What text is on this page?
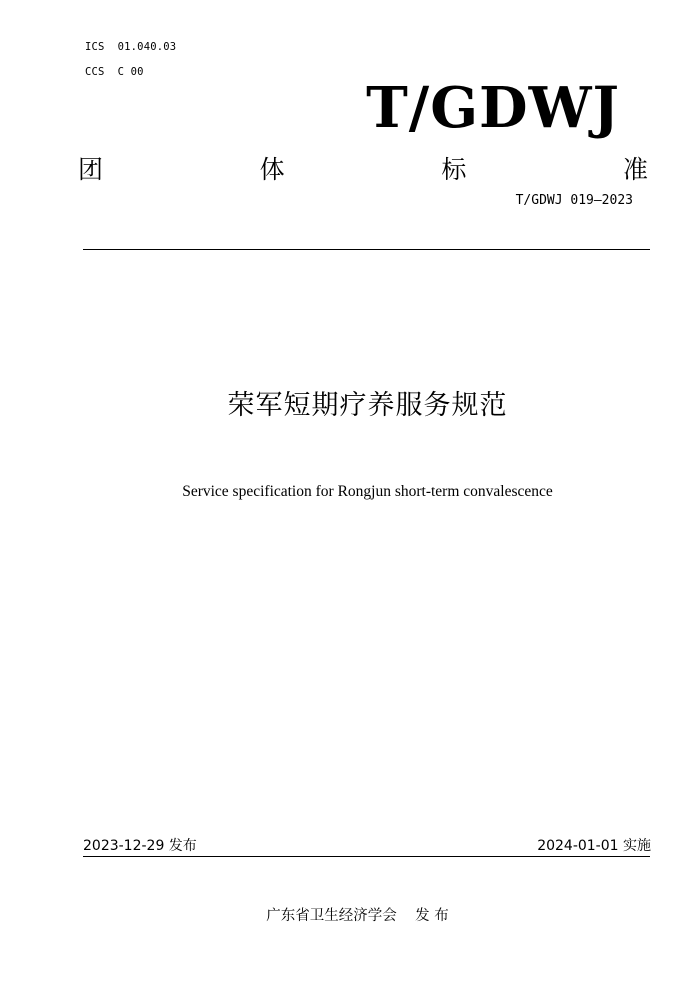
ICS  01.040.03
CCS  C 00
T/GDWJ
团	体	标	准
T/GDWJ 019—2023
荣军短期疗养服务规范
Service specification for Rongjun short-term convalescence
2023-12-29 发布	2024-01-01 实施
广东省卫生经济学会    发 布
